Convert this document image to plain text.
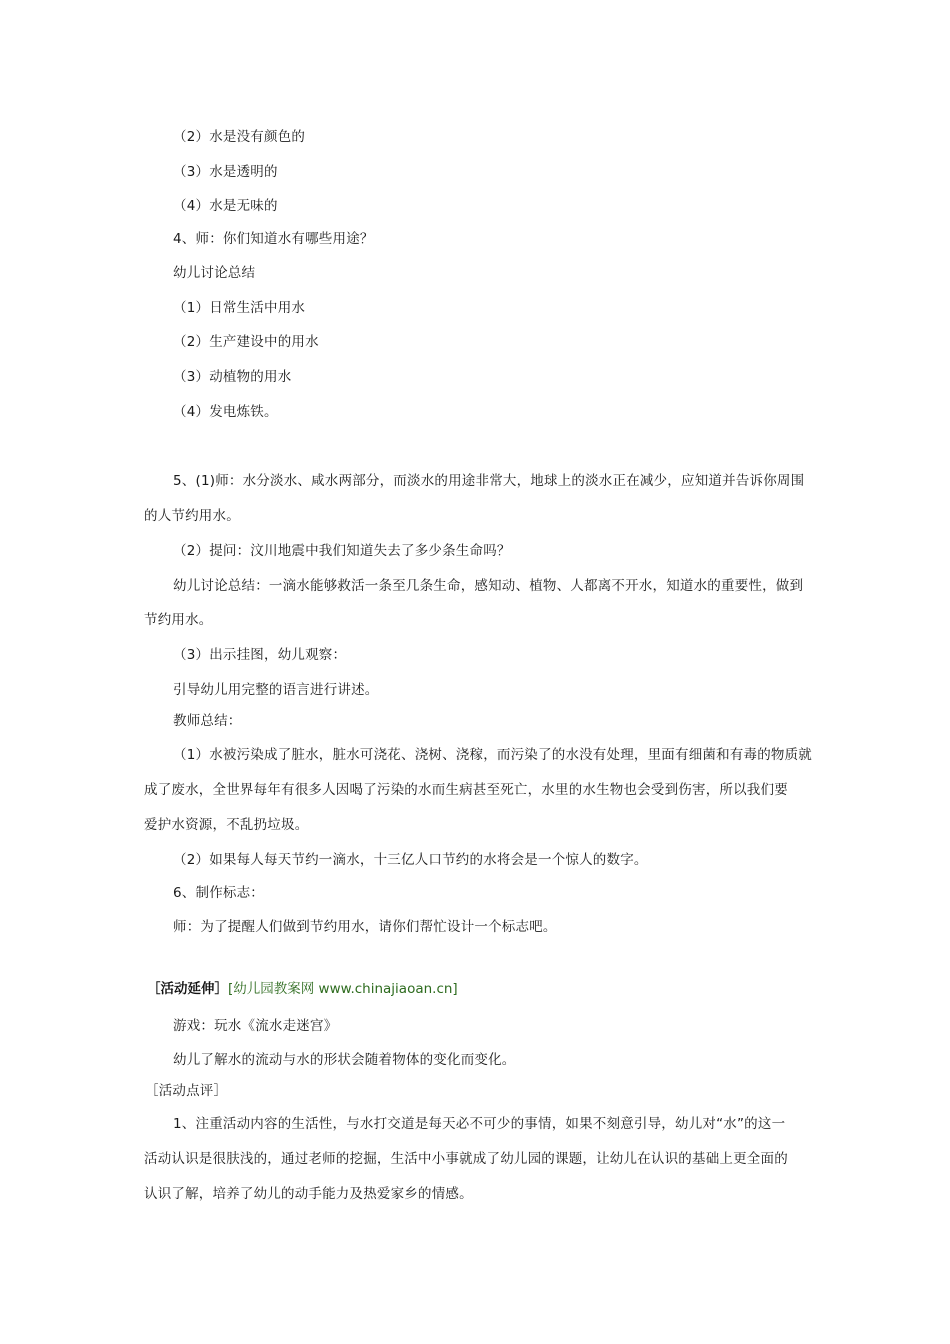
（2）水是没有颜色的
（3）水是透明的
（4）水是无味的
4、师：你们知道水有哪些用途？
幼儿讨论总结
（1）日常生活中用水
（2）生产建设中的用水
（3）动植物的用水
（4）发电炼铁。
5、(1)师：水分淡水、咸水两部分，而淡水的用途非常大，地球上的淡水正在减少，应知道并告诉你周围
的人节约用水。
（2）提问：汶川地震中我们知道失去了多少条生命吗？
幼儿讨论总结：一滴水能够救活一条至几条生命，感知动、植物、人都离不开水，知道水的重要性，做到
节约用水。
（3）出示挂图，幼儿观察：
引导幼儿用完整的语言进行讲述。
教师总结：
（1）水被污染成了脏水，脏水可浇花、浇树、浇稼，而污染了的水没有处理，里面有细菌和有毒的物质就
成了废水，全世界每年有很多人因喝了污染的水而生病甚至死亡，水里的水生物也会受到伤害，所以我们要
爱护水资源，不乱扔垃圾。
（2）如果每人每天节约一滴水，十三亿人口节约的水将会是一个惊人的数字。
6、制作标志：
师：为了提醒人们做到节约用水，请你们帮忙设计一个标志吧。
［活动延伸］[幼儿园教案网 www.chinajiaoan.cn]
游戏：玩水《流水走迷宫》
幼儿了解水的流动与水的形状会随着物体的变化而变化。
［活动点评］
1、注重活动内容的生活性，与水打交道是每天必不可少的事情，如果不刻意引导，幼儿对“水”的这一
活动认识是很肤浅的，通过老师的挖掘，生活中小事就成了幼儿园的课题，让幼儿在认识的基础上更全面的
认识了解，培养了幼儿的动手能力及热爱家乡的情感。
